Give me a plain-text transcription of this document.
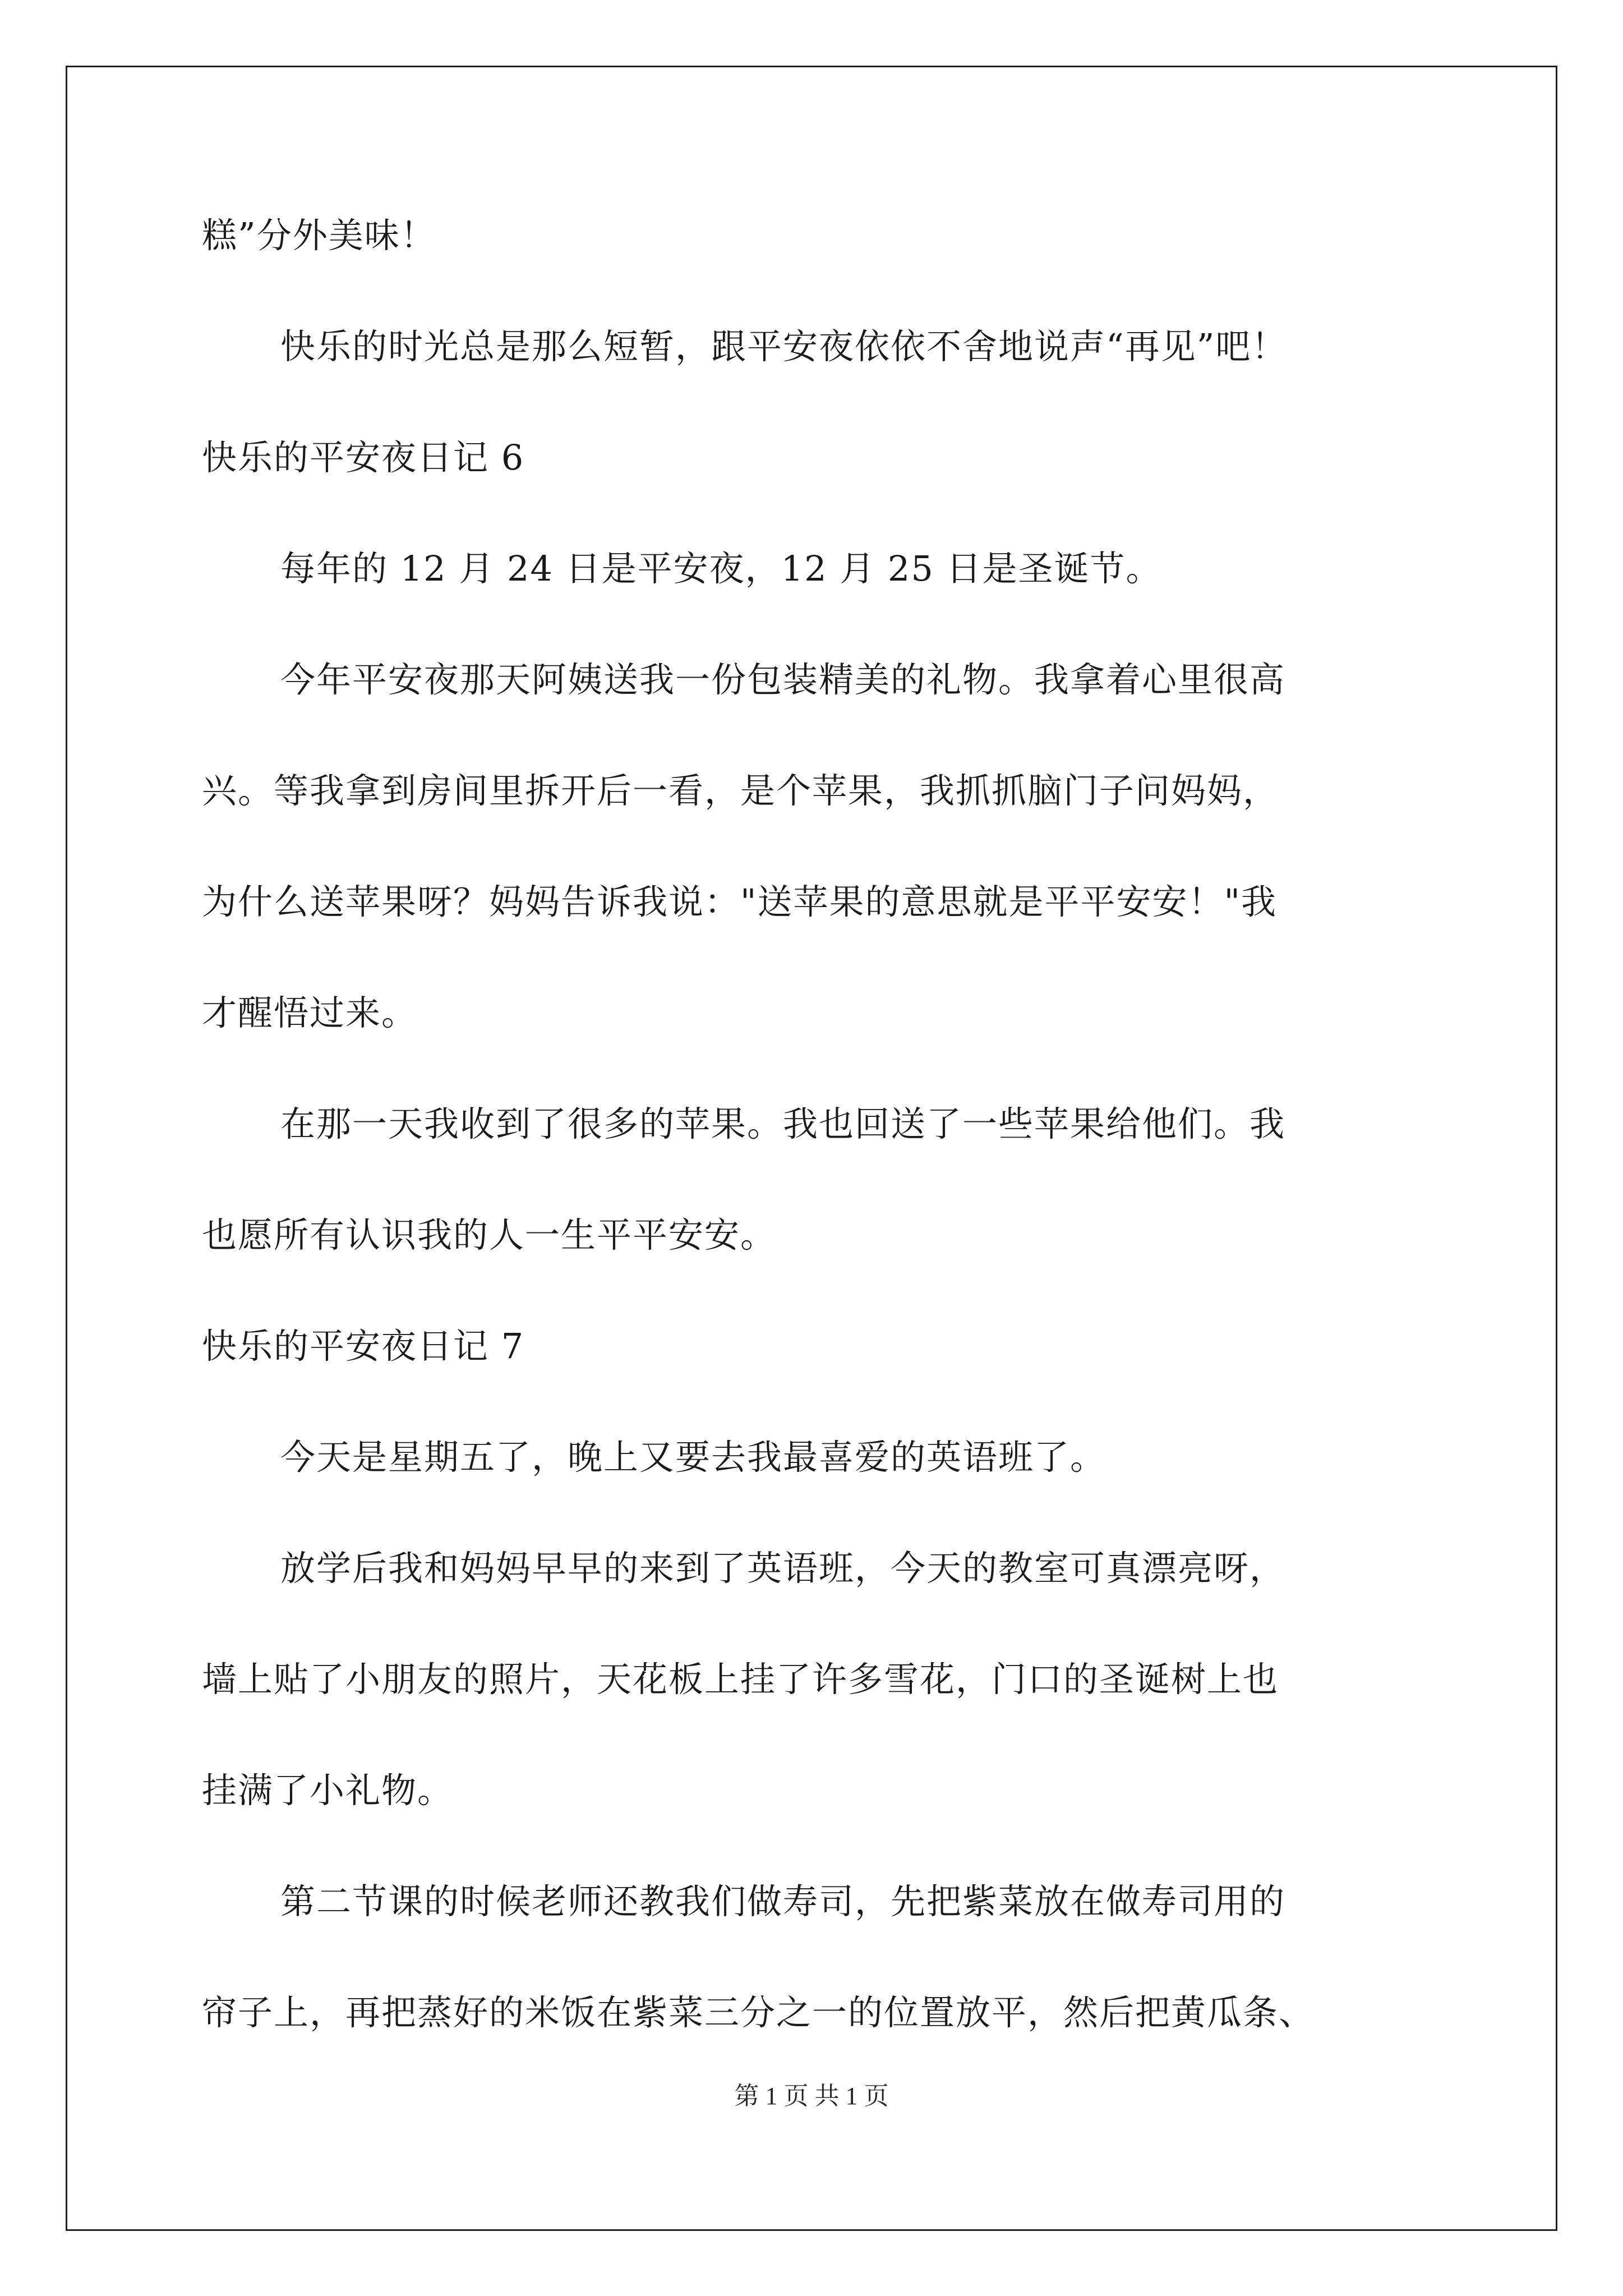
糕”分外美味！
快乐的时光总是那么短暂，跟平安夜依依不舍地说声“再见”吧！
快乐的平安夜日记 6
每年的 12 月 24 日是平安夜，12 月 25 日是圣诞节。
今年平安夜那天阿姨送我一份包装精美的礼物。我拿着心里很高
兴。等我拿到房间里拆开后一看，是个苹果，我抓抓脑门子问妈妈，
为什么送苹果呀？妈妈告诉我说："送苹果的意思就是平平安安！"我
才醒悟过来。
在那一天我收到了很多的苹果。我也回送了一些苹果给他们。我
也愿所有认识我的人一生平平安安。
快乐的平安夜日记 7
今天是星期五了，晚上又要去我最喜爱的英语班了。
放学后我和妈妈早早的来到了英语班，今天的教室可真漂亮呀，
墙上贴了小朋友的照片，天花板上挂了许多雪花，门口的圣诞树上也
挂满了小礼物。
第二节课的时候老师还教我们做寿司，先把紫菜放在做寿司用的
帘子上，再把蒸好的米饭在紫菜三分之一的位置放平，然后把黄瓜条、
第 1 页 共 1 页
